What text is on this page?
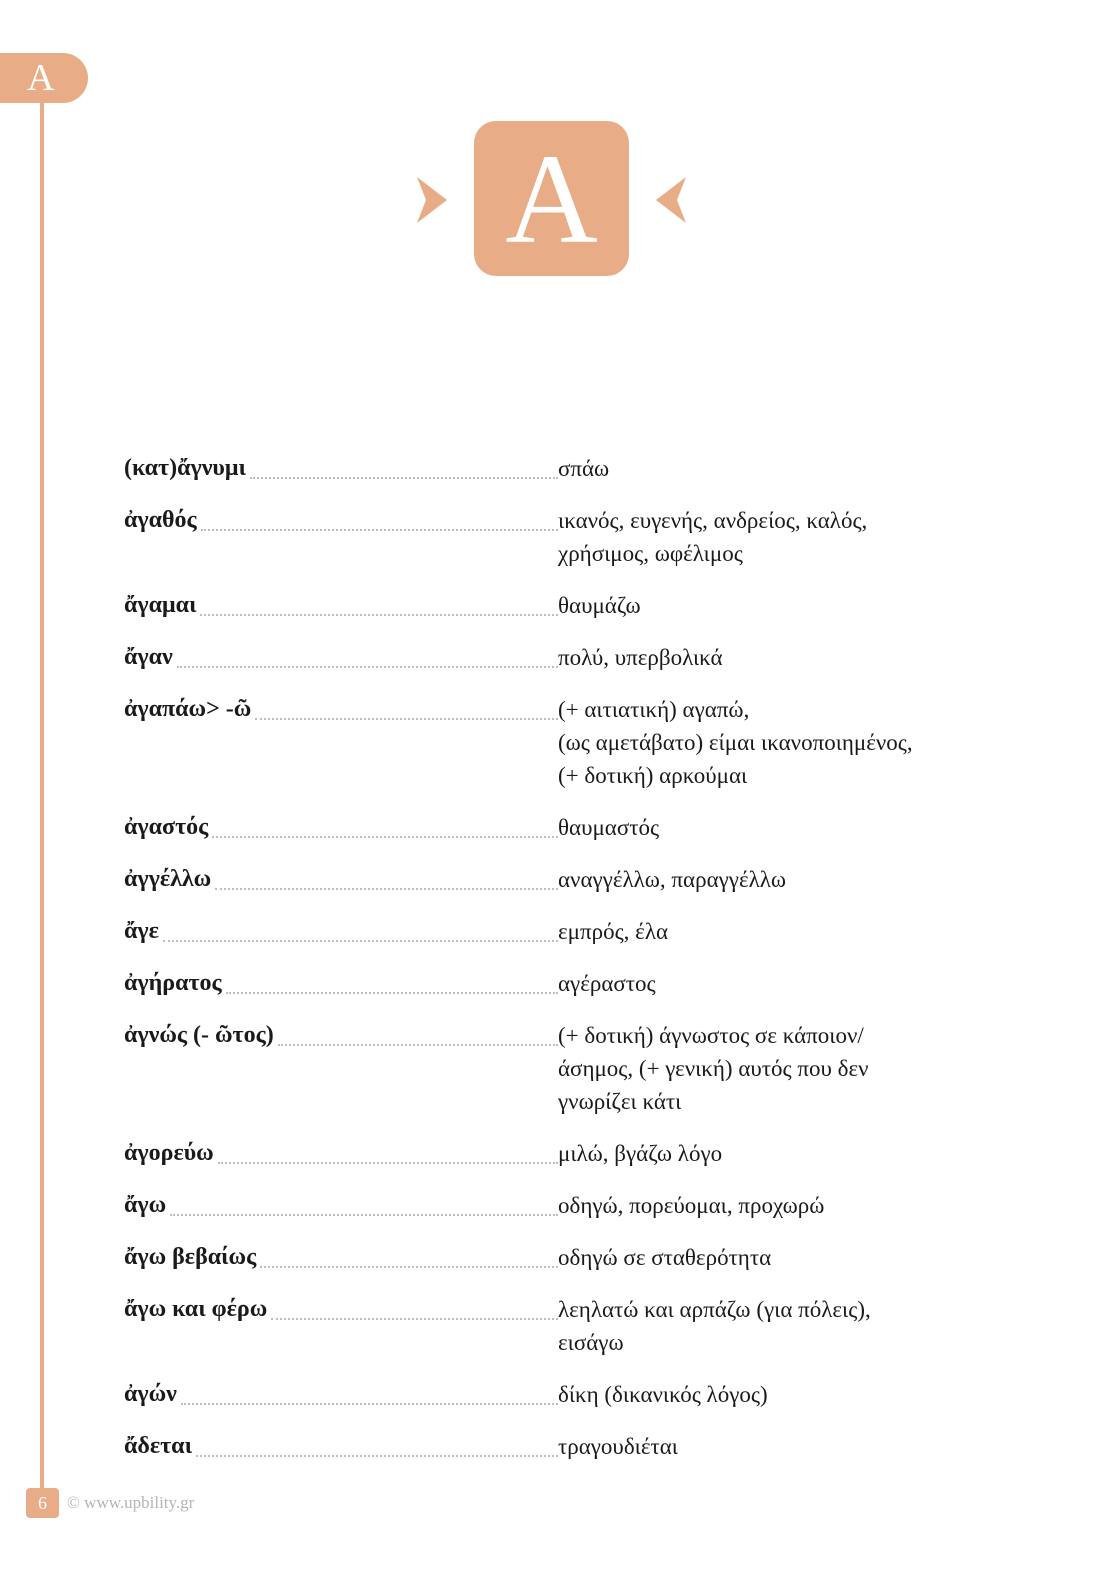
A
A
(κατ)ἄγνυμι	σπάω
ἀγαθός	ικανός, ευγενής, ανδρείος, καλός,
χρήσιμος, ωφέλιμος
ἄγαμαι	θαυμάζω
ἄγαν	πολύ, υπερβολικά
ἀγαπάω> -ῶ	(+ αιτιατική) αγαπώ,
(ως αμετάβατο) είμαι ικανοποιημένος,
(+ δοτική) αρκούμαι
ἀγαστός	θαυμαστός
ἀγγέλλω	αναγγέλλω, παραγγέλλω
ἄγε	εμπρός, έλα
ἀγήρατος	αγέραστος
ἀγνώς (- ῶτος)	(+ δοτική) άγνωστος σε κάποιον/
άσημος, (+ γενική) αυτός που δεν
γνωρίζει κάτι
ἀγορεύω	μιλώ, βγάζω λόγο
ἄγω	οδηγώ, πορεύομαι, προχωρώ
ἄγω βεβαίως	οδηγώ σε σταθερότητα
ἄγω και φέρω	λεηλατώ και αρπάζω (για πόλεις),
εισάγω
ἀγών	δίκη (δικανικός λόγος)
ἄδεται	τραγουδιέται
6	© www.upbility.gr
